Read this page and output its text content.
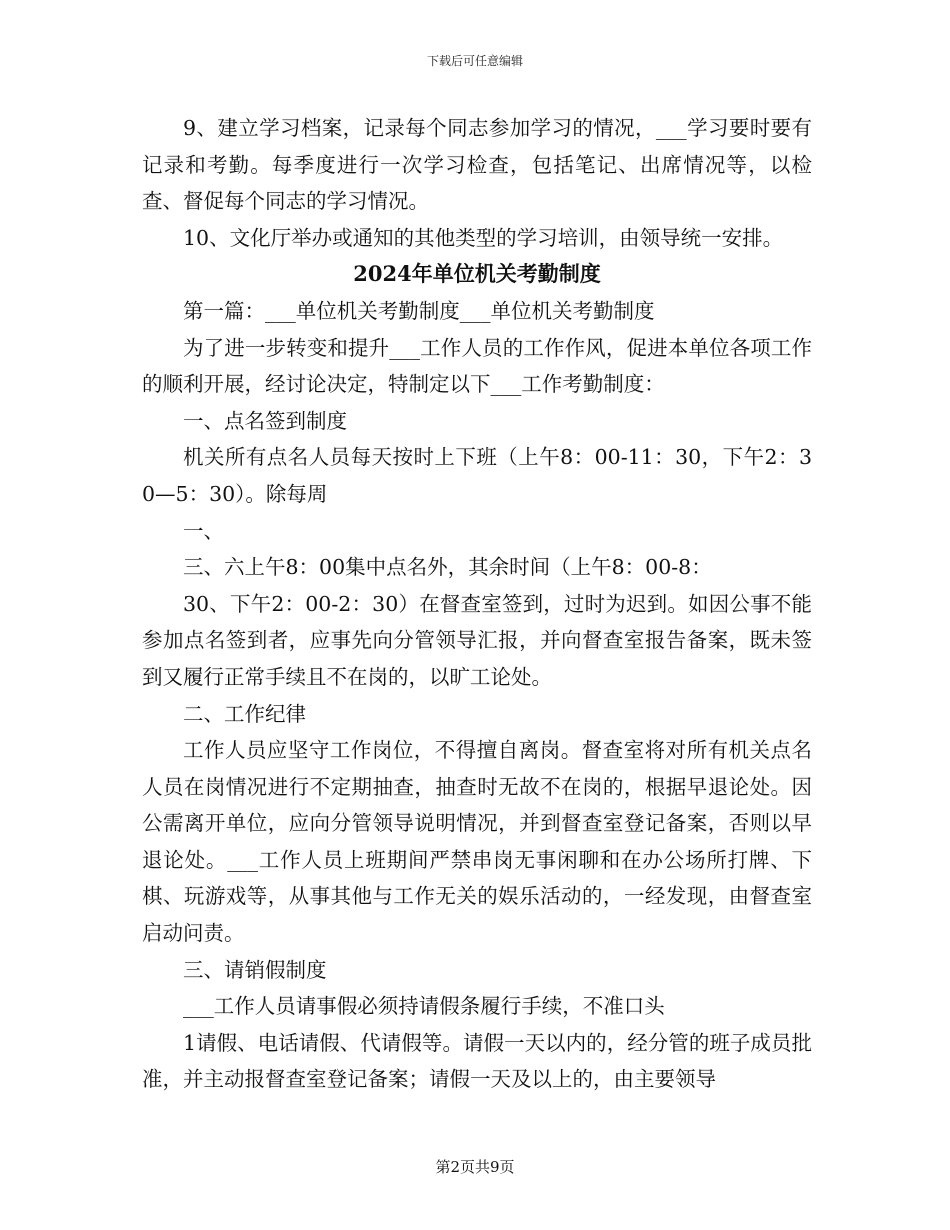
下载后可任意编辑

9、建立学习档案，记录每个同志参加学习的情况，___学习要时要有记录和考勤。每季度进行一次学习检查，包括笔记、出席情况等，以检查、督促每个同志的学习情况。

10、文化厅举办或通知的其他类型的学习培训，由领导统一安排。

2024年单位机关考勤制度

第一篇：___单位机关考勤制度___单位机关考勤制度

为了进一步转变和提升___工作人员的工作作风，促进本单位各项工作的顺利开展，经讨论决定，特制定以下___工作考勤制度：

一、点名签到制度

机关所有点名人员每天按时上下班（上午8：00-11：30，下午2：30—5：30）。除每周

一、

三、六上午8：00集中点名外，其余时间（上午8：00-8：

30、下午2：00-2：30）在督查室签到，过时为迟到。如因公事不能参加点名签到者，应事先向分管领导汇报，并向督查室报告备案，既未签到又履行正常手续且不在岗的，以旷工论处。

二、工作纪律

工作人员应坚守工作岗位，不得擅自离岗。督查室将对所有机关点名人员在岗情况进行不定期抽查，抽查时无故不在岗的，根据早退论处。因公需离开单位，应向分管领导说明情况，并到督查室登记备案，否则以早退论处。___工作人员上班期间严禁串岗无事闲聊和在办公场所打牌、下棋、玩游戏等，从事其他与工作无关的娱乐活动的，一经发现，由督查室启动问责。

三、请销假制度

___工作人员请事假必须持请假条履行手续，不准口头

1请假、电话请假、代请假等。请假一天以内的，经分管的班子成员批准，并主动报督查室登记备案；请假一天及以上的，由主要领导

第2页共9页
